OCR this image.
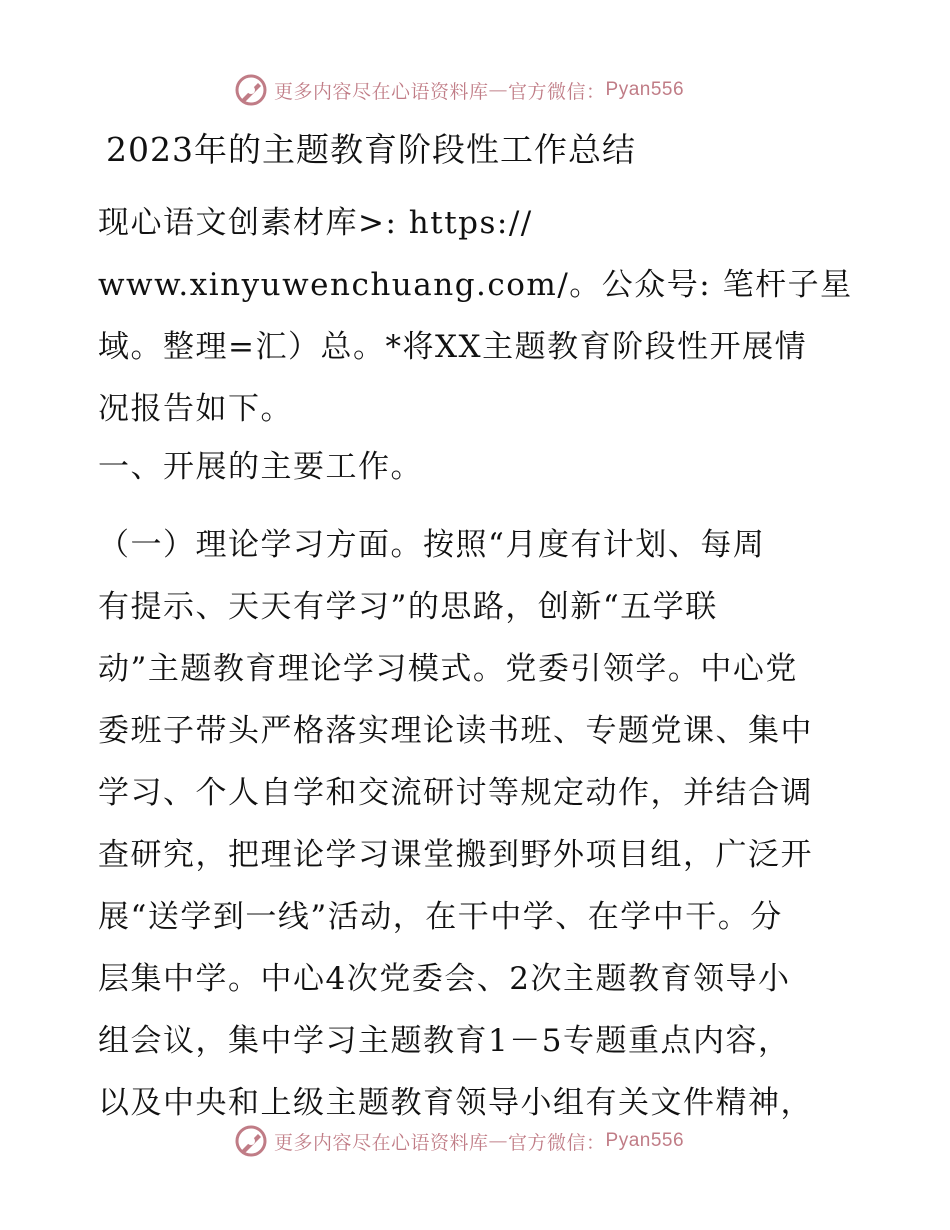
更多内容尽在心语资料库 — 官方微信 ： Pyan556
2023年的主题教育阶段性工作总结
现心语文创素材库>: https://
www.xinyuwenchuang.com/。公众号: 笔杆子星
域。整理=汇）总。*将XX主题教育阶段性开展情
况报告如下。
一、开展的主要工作。
（一）理论学习方面。按照“月度有计划、每周
有提示、天天有学习”的思路，创新“五学联
动”主题教育理论学习模式。党委引领学。中心党
委班子带头严格落实理论读书班、专题党课、集中
学习、个人自学和交流研讨等规定动作，并结合调
查研究，把理论学习课堂搬到野外项目组，广泛开
展“送学到一线”活动，在干中学、在学中干。分
层集中学。中心4次党委会、2次主题教育领导小
组会议，集中学习主题教育1－5专题重点内容，
以及中央和上级主题教育领导小组有关文件精神，
更多内容尽在心语资料库 — 官方微信 ： Pyan556
